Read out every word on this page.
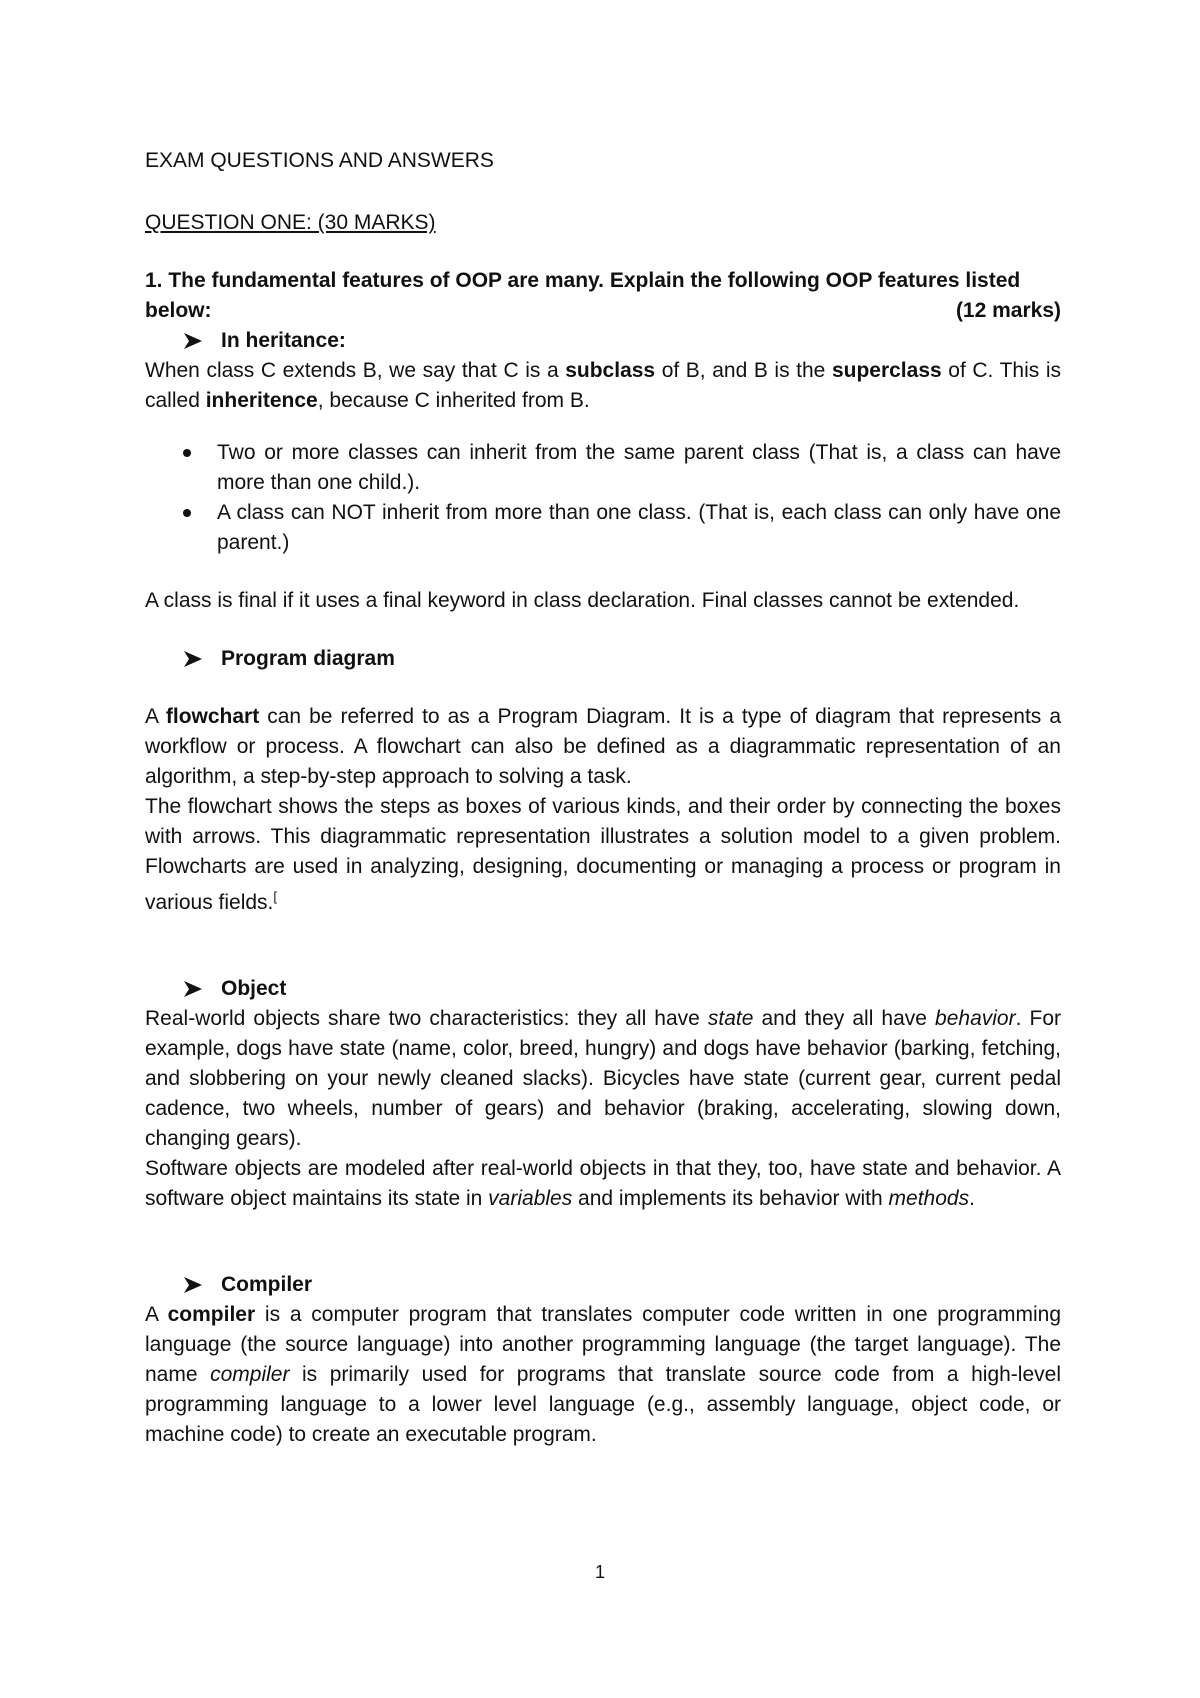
EXAM QUESTIONS AND ANSWERS

QUESTION ONE: (30 MARKS)

1. The fundamental features of OOP are many. Explain the following OOP features listed

below:	(12 marks)

In heritance:

When class C extends B, we say that C is a subclass of B, and B is the superclass of C. This is called inheritence, because C inherited from B.

Two or more classes can inherit from the same parent class (That is, a class can have more than one child.).
A class can NOT inherit from more than one class. (That is, each class can only have one parent.)

A class is final if it uses a final keyword in class declaration. Final classes cannot be extended.

Program diagram

A flowchart can be referred to as a Program Diagram. It is a type of diagram that represents a workflow or process. A flowchart can also be defined as a diagrammatic representation of an algorithm, a step-by-step approach to solving a task.

The flowchart shows the steps as boxes of various kinds, and their order by connecting the boxes with arrows. This diagrammatic representation illustrates a solution model to a given problem. Flowcharts are used in analyzing, designing, documenting or managing a process or program in various fields.[

Object

Real-world objects share two characteristics: they all have state and they all have behavior. For example, dogs have state (name, color, breed, hungry) and dogs have behavior (barking, fetching, and slobbering on your newly cleaned slacks). Bicycles have state (current gear, current pedal cadence, two wheels, number of gears) and behavior (braking, accelerating, slowing down, changing gears).

Software objects are modeled after real-world objects in that they, too, have state and behavior. A software object maintains its state in variables and implements its behavior with methods.

Compiler

A compiler is a computer program that translates computer code written in one programming language (the source language) into another programming language (the target language). The name compiler is primarily used for programs that translate source code from a high-level programming language to a lower level language (e.g., assembly language, object code, or machine code) to create an executable program.

1
